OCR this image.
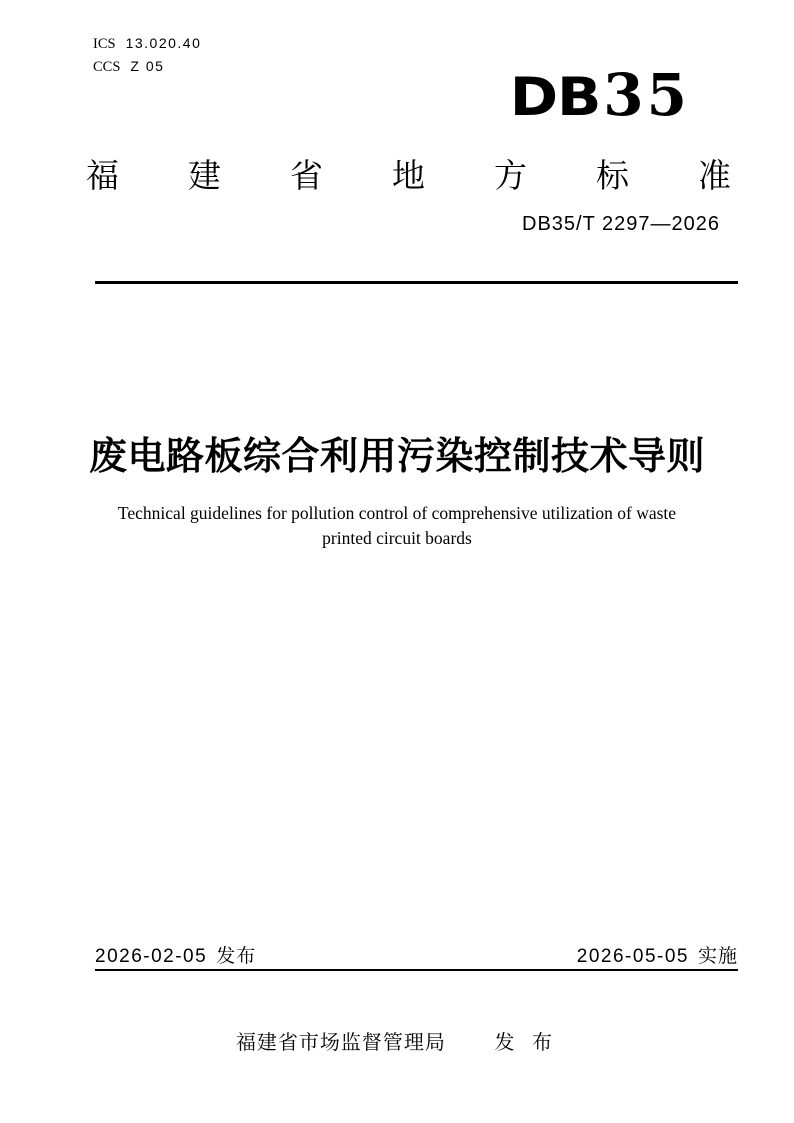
ICS 13.020.40
CCS Z 05
DB 35
福 建 省 地 方 标 准
DB35/T 2297—2026
废电路板综合利用污染控制技术导则
Technical guidelines for pollution control of comprehensive utilization of waste
printed circuit boards
2026-02-05 发布	2026-05-05 实施
福建省市场监督管理局 发 布
